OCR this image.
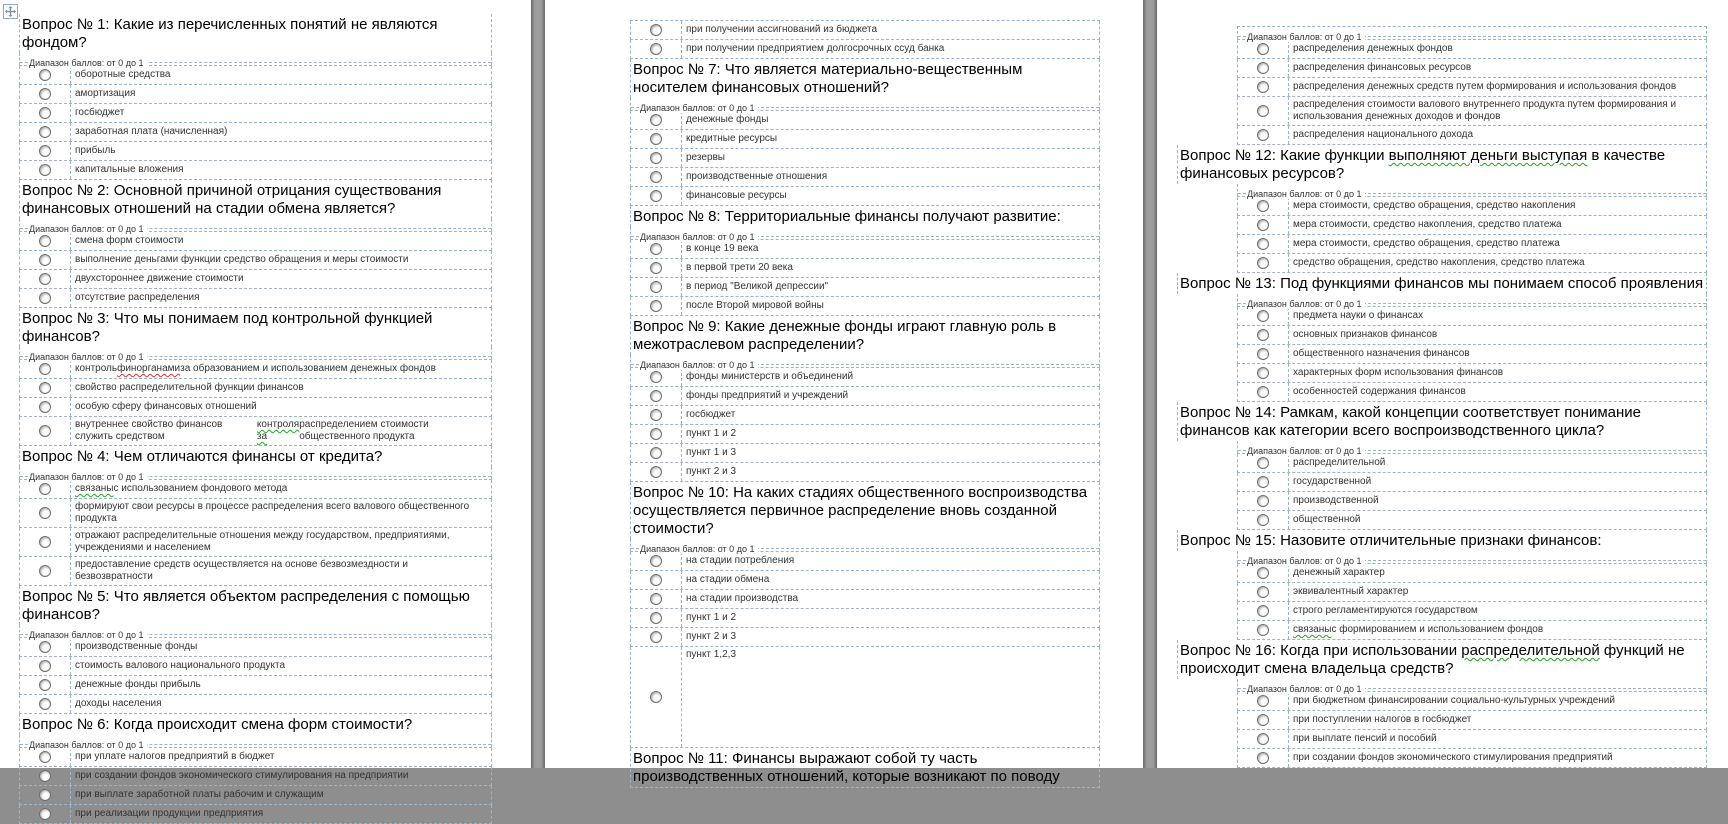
Вопрос № 1: Какие из перечисленных понятий не являются фондом?
Диапазон баллов: от 0 до 1
оборотные средства
амортизация
госбюджет
заработная плата (начисленная)
прибыль
капитальные вложения
Вопрос № 2: Основной причиной отрицания существования финансовых отношений на стадии обмена является?
Диапазон баллов: от 0 до 1
смена форм стоимости
выполнение деньгами функции средство обращения и меры стоимости
двухстороннее движение стоимости
отсутствие распределения
Вопрос № 3: Что мы понимаем под контрольной функцией финансов?
Диапазон баллов: от 0 до 1
контроль финорганами за образованием и использованием денежных фондов
свойство распределительной функции финансов
особую сферу финансовых отношений
внутреннее свойство финансов служить средством
контроля за
распределением стоимости общественного продукта
Вопрос № 4: Чем отличаются финансы от кредита?
Диапазон баллов: от 0 до 1
связаны с использованием фондового метода
формируют свои ресурсы в процессе распределения всего валового общественного продукта
отражают распределительные отношения между государством, предприятиями, учреждениями и населением
предоставление средств осуществляется на основе безвозмездности и безвозвратности
Вопрос № 5: Что является объектом распределения с помощью финансов?
Диапазон баллов: от 0 до 1
производственные фонды
стоимость валового национального продукта
денежные фонды прибыль
доходы населения
Вопрос № 6: Когда происходит смена форм стоимости?
Диапазон баллов: от 0 до 1
при уплате налогов предприятий в бюджет
при создании фондов экономического стимулирования на предприятии
при выплате заработной платы рабочим и служащим
при реализации продукции предприятия
при получении ассигнований из бюджета
при получении предприятием долгосрочных ссуд банка
Вопрос № 7: Что является материально-вещественным носителем финансовых отношений?
Диапазон баллов: от 0 до 1
денежные фонды
кредитные ресурсы
резервы
производственные отношения
финансовые ресурсы
Вопрос № 8: Территориальные финансы получают развитие:
Диапазон баллов: от 0 до 1
в конце 19 века
в первой трети 20 века
в период "Великой депрессии"
после Второй мировой войны
Вопрос № 9: Какие денежные фонды играют главную роль в межотраслевом распределении?
Диапазон баллов: от 0 до 1
фонды министерств и объединений
фонды предприятий и учреждений
госбюджет
пункт 1 и 2
пункт 1 и 3
пункт 2 и 3
Вопрос № 10: На каких стадиях общественного воспроизводства осуществляется первичное распределение вновь созданной стоимости?
Диапазон баллов: от 0 до 1
на стадии потребления
на стадии обмена
на стадии производства
пункт 1 и 2
пункт 2 и 3
пункт 1,2,3
Вопрос № 11: Финансы выражают собой ту часть производственных отношений, которые возникают по поводу
Диапазон баллов: от 0 до 1
распределения денежных фондов
распределения финансовых ресурсов
распределения денежных средств путем формирования и использования фондов
распределения стоимости валового внутреннего продукта путем формирования и использования денежных доходов и фондов
распределения национального дохода
Вопрос № 12: Какие функции выполняют деньги выступая в качестве финансовых ресурсов?
Диапазон баллов: от 0 до 1
мера стоимости, средство обращения, средство накопления
мера стоимости, средство накопления, средство платежа
мера стоимости, средство обращения, средство платежа
средство обращения, средство накопления, средство платежа
Вопрос № 13: Под функциями финансов мы понимаем способ проявления
Диапазон баллов: от 0 до 1
предмета науки о финансах
основных признаков финансов
общественного назначения финансов
характерных форм использования финансов
особенностей содержания финансов
Вопрос № 14: Рамкам, какой концепции соответствует понимание финансов как категории всего воспроизводственного цикла?
Диапазон баллов: от 0 до 1
распределительной
государственной
производственной
общественной
Вопрос № 15: Назовите отличительные признаки финансов:
Диапазон баллов: от 0 до 1
денежный характер
эквивалентный характер
строго регламентируются государством
связаны с формированием и использованием фондов
Вопрос № 16: Когда при использовании распределительной функций не происходит смена владельца средств?
Диапазон баллов: от 0 до 1
при бюджетном финансировании социально-культурных учреждений
при поступлении налогов в госбюджет
при выплате пенсий и пособий
при создании фондов экономического стимулирования предприятий
